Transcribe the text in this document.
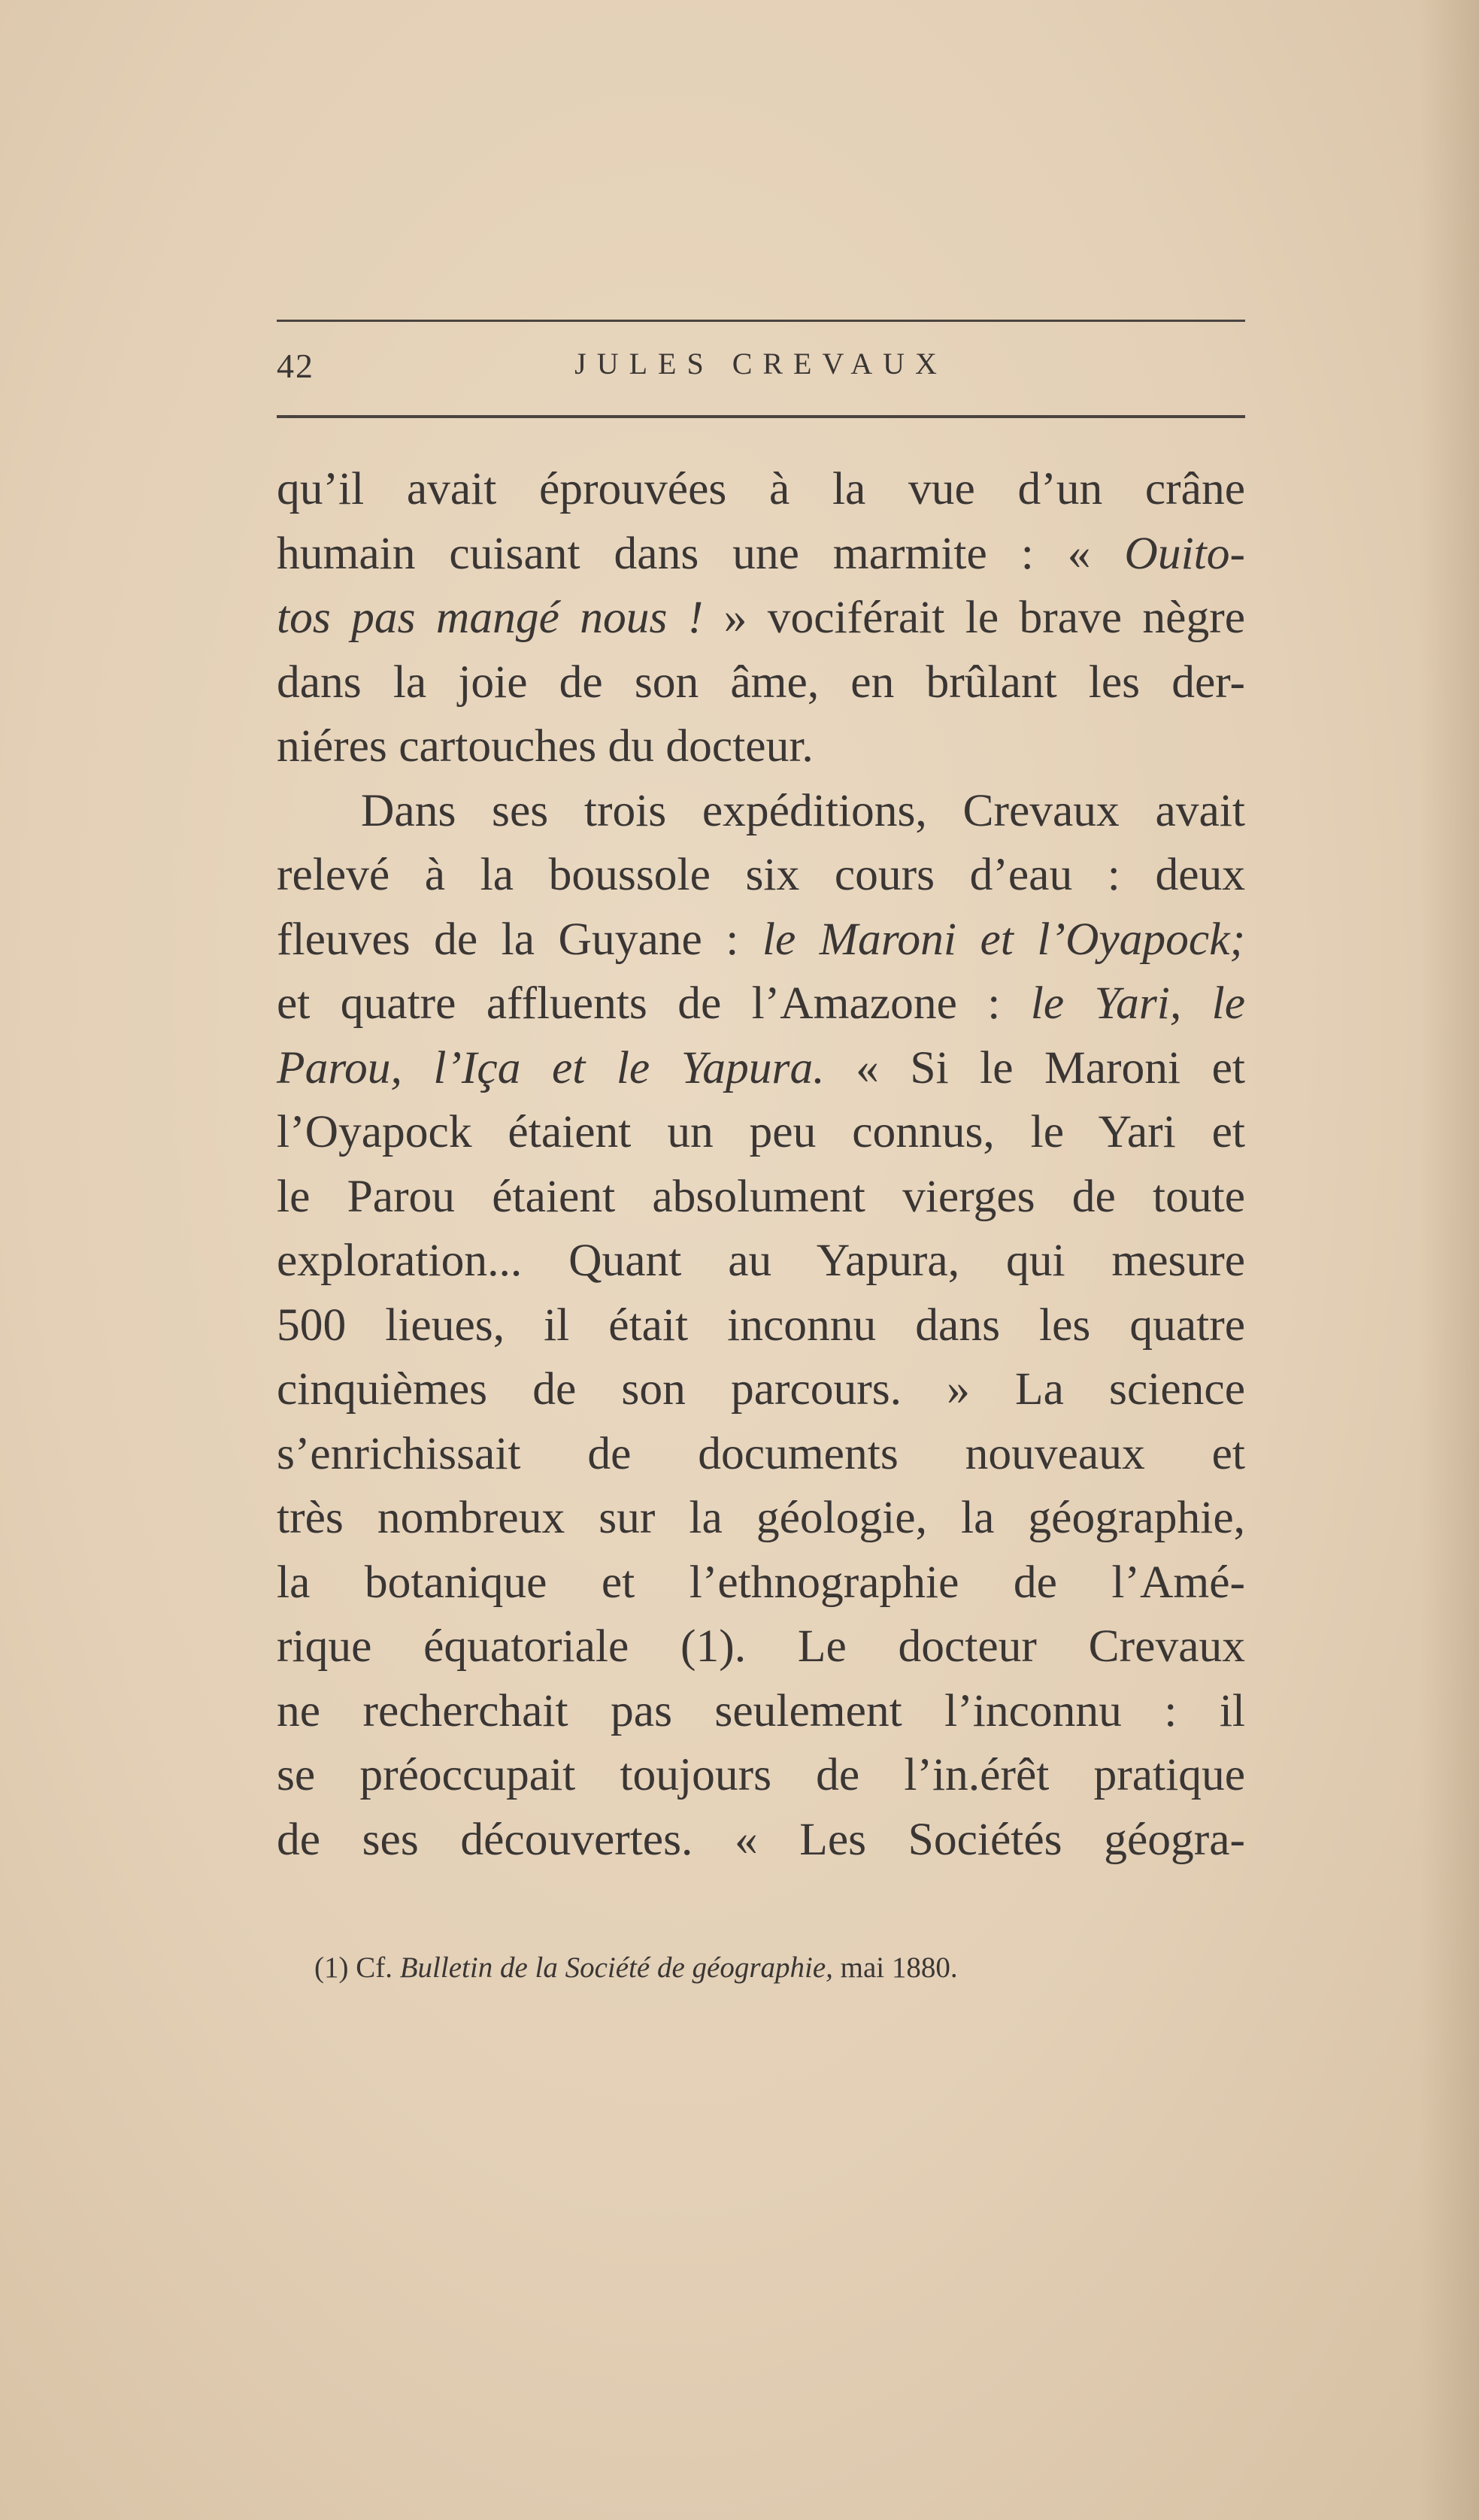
42	JULES CREVAUX
qu’il avait éprouvées à la vue d’un crâne
humain cuisant dans une marmite : « Ouito-
tos pas mangé nous ! » vociférait le brave nègre
dans la joie de son âme, en brûlant les der-
niéres cartouches du docteur.
Dans ses trois expéditions, Crevaux avait
relevé à la boussole six cours d’eau : deux
fleuves de la Guyane : le Maroni et l’Oyapock;
et quatre affluents de l’Amazone : le Yari, le
Parou, l’Iça et le Yapura. « Si le Maroni et
l’Oyapock étaient un peu connus, le Yari et
le Parou étaient absolument vierges de toute
exploration... Quant au Yapura, qui mesure
500 lieues, il était inconnu dans les quatre
cinquièmes de son parcours. » La science
s’enrichissait de documents nouveaux et
très nombreux sur la géologie, la géographie,
la botanique et l’ethnographie de l’Amé-
rique équatoriale (1). Le docteur Crevaux
ne recherchait pas seulement l’inconnu : il
se préoccupait toujours de l’in.érêt pratique
de ses découvertes. « Les Sociétés géogra-
(1) Cf. Bulletin de la Société de géographie, mai 1880.
